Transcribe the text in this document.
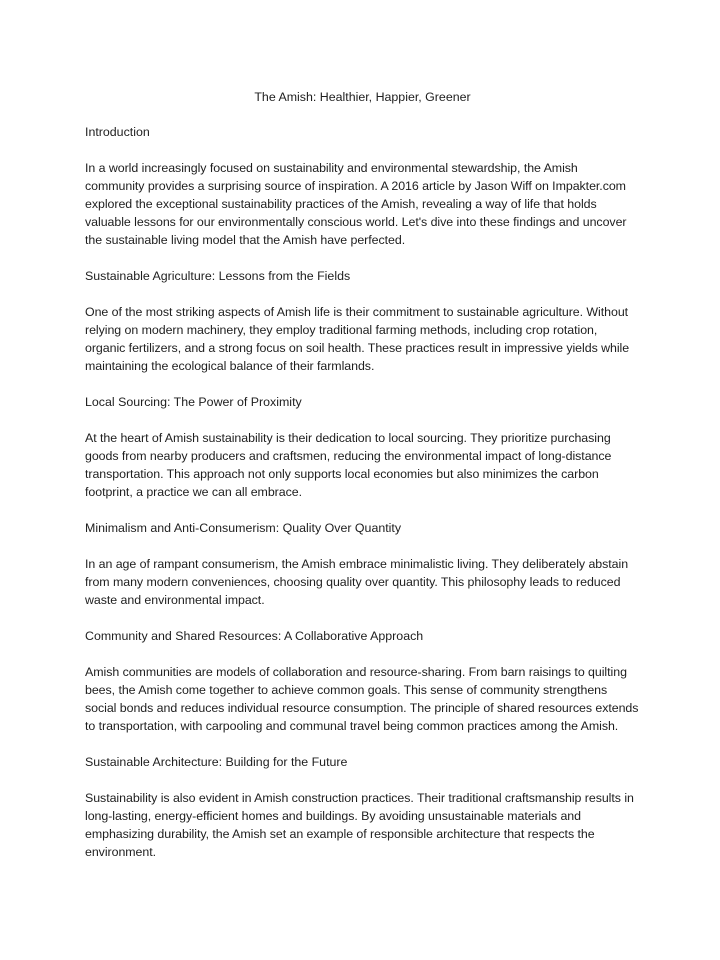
The Amish: Healthier, Happier, Greener

Introduction

In a world increasingly focused on sustainability and environmental stewardship, the Amish community provides a surprising source of inspiration. A 2016 article by Jason Wiff on Impakter.com explored the exceptional sustainability practices of the Amish, revealing a way of life that holds valuable lessons for our environmentally conscious world. Let's dive into these findings and uncover the sustainable living model that the Amish have perfected.

Sustainable Agriculture: Lessons from the Fields

One of the most striking aspects of Amish life is their commitment to sustainable agriculture. Without relying on modern machinery, they employ traditional farming methods, including crop rotation, organic fertilizers, and a strong focus on soil health. These practices result in impressive yields while maintaining the ecological balance of their farmlands.

Local Sourcing: The Power of Proximity

At the heart of Amish sustainability is their dedication to local sourcing. They prioritize purchasing goods from nearby producers and craftsmen, reducing the environmental impact of long-distance transportation. This approach not only supports local economies but also minimizes the carbon footprint, a practice we can all embrace.

Minimalism and Anti-Consumerism: Quality Over Quantity

In an age of rampant consumerism, the Amish embrace minimalistic living. They deliberately abstain from many modern conveniences, choosing quality over quantity. This philosophy leads to reduced waste and environmental impact.

Community and Shared Resources: A Collaborative Approach

Amish communities are models of collaboration and resource-sharing. From barn raisings to quilting bees, the Amish come together to achieve common goals. This sense of community strengthens social bonds and reduces individual resource consumption. The principle of shared resources extends to transportation, with carpooling and communal travel being common practices among the Amish.

Sustainable Architecture: Building for the Future

Sustainability is also evident in Amish construction practices. Their traditional craftsmanship results in long-lasting, energy-efficient homes and buildings. By avoiding unsustainable materials and emphasizing durability, the Amish set an example of responsible architecture that respects the environment.
